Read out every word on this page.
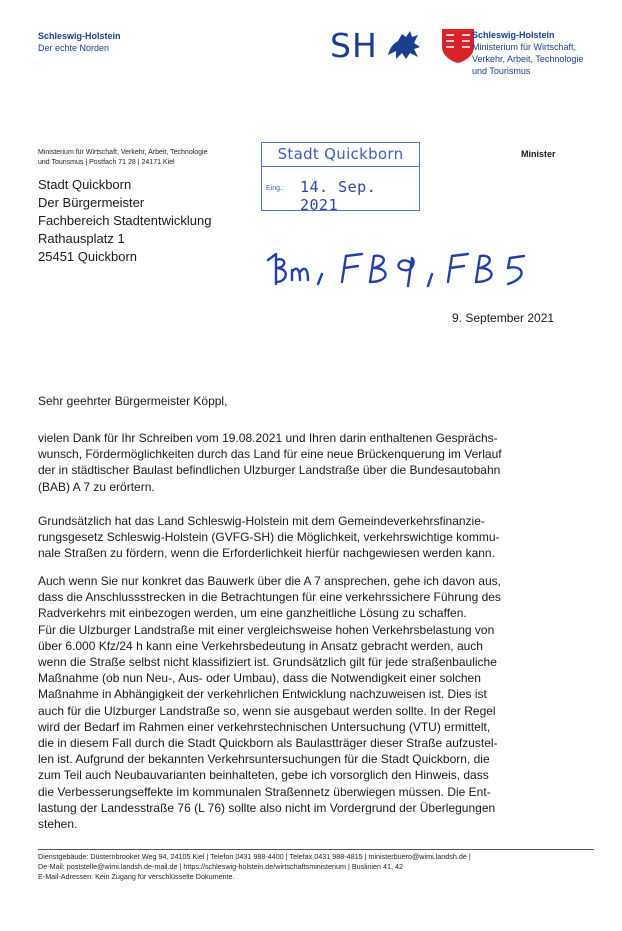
Schleswig-Holstein
Der echte Norden	SH	Schleswig-Holstein
Ministerium für Wirtschaft,
Verkehr, Arbeit, Technologie
und Tourismus
Ministerium für Wirtschaft, Verkehr, Arbeit, Technologie
und Tourismus | Postfach 71 28 | 24171 Kiel
Minister
Stadt Quickborn
Der Bürgermeister
Fachbereich Stadtentwicklung
Rathausplatz 1
25451 Quickborn
Stadt Quickborn
Eing.: 14. Sep. 2021
9. September 2021
Sehr geehrter Bürgermeister Köppl,
vielen Dank für Ihr Schreiben vom 19.08.2021 und Ihren darin enthaltenen Gesprächs-
wunsch, Fördermöglichkeiten durch das Land für eine neue Brückenquerung im Verlauf
der in städtischer Baulast befindlichen Ulzburger Landstraße über die Bundesautobahn
(BAB) A 7 zu erörtern.
Grundsätzlich hat das Land Schleswig-Holstein mit dem Gemeindeverkehrsfinanzie-
rungsgesetz Schleswig-Holstein (GVFG-SH) die Möglichkeit, verkehrswichtige kommu-
nale Straßen zu fördern, wenn die Erforderlichkeit hierfür nachgewiesen werden kann.
Auch wenn Sie nur konkret das Bauwerk über die A 7 ansprechen, gehe ich davon aus,
dass die Anschlussstrecken in die Betrachtungen für eine verkehrssichere Führung des
Radverkehrs mit einbezogen werden, um eine ganzheitliche Lösung zu schaffen.
Für die Ulzburger Landstraße mit einer vergleichsweise hohen Verkehrsbelastung von
über 6.000 Kfz/24 h kann eine Verkehrsbedeutung in Ansatz gebracht werden, auch
wenn die Straße selbst nicht klassifiziert ist. Grundsätzlich gilt für jede straßenbauliche
Maßnahme (ob nun Neu-, Aus- oder Umbau), dass die Notwendigkeit einer solchen
Maßnahme in Abhängigkeit der verkehrlichen Entwicklung nachzuweisen ist. Dies ist
auch für die Ulzburger Landstraße so, wenn sie ausgebaut werden sollte. In der Regel
wird der Bedarf im Rahmen einer verkehrstechnischen Untersuchung (VTU) ermittelt,
die in diesem Fall durch die Stadt Quickborn als Baulastträger dieser Straße aufzustel-
len ist. Aufgrund der bekannten Verkehrsuntersuchungen für die Stadt Quickborn, die
zum Teil auch Neubauvarianten beinhalteten, gebe ich vorsorglich den Hinweis, dass
die Verbesserungseffekte im kommunalen Straßennetz überwiegen müssen. Die Ent-
lastung der Landesstraße 76 (L 76) sollte also nicht im Vordergrund der Überlegungen
stehen.
Dienstgebäude: Düsternbrooker Weg 94, 24105 Kiel | Telefon 0431 988-4400 | Telefax 0431 988-4815 | ministerbuero@wimi.landsh.de |
De-Mail: poststelle@wimi.landsh.de-mail.de | https://schleswig-holstein.de/wirtschaftsministerium | Buslinien 41, 42
E-Mail-Adressen: Kein Zugang für verschlüsselte Dokumente.
